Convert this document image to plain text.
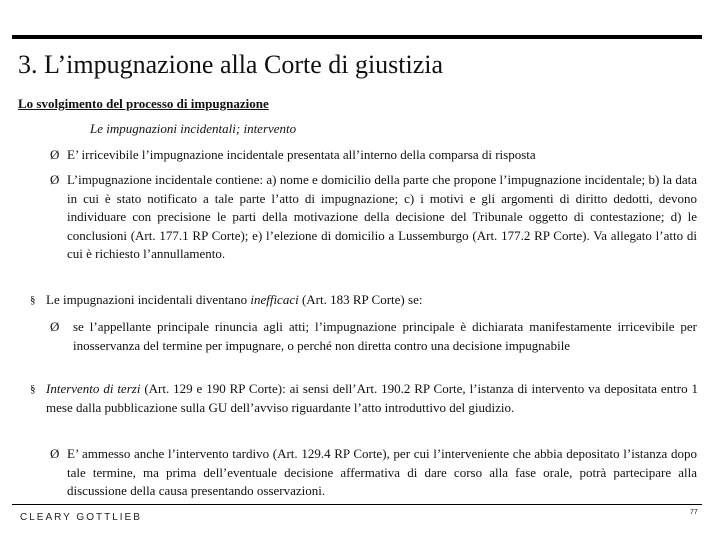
3. L’impugnazione alla Corte di giustizia
Lo svolgimento del processo di impugnazione
Le impugnazioni incidentali; intervento
Ø E’ irricevibile l’impugnazione incidentale presentata all’interno della comparsa di risposta
Ø L’impugnazione incidentale contiene: a) nome e domicilio della parte che propone l’impugnazione incidentale; b) la data in cui è stato notificato a tale parte l’atto di impugnazione; c) i motivi e gli argomenti di diritto dedotti, devono individuare con precisione le parti della motivazione della decisione del Tribunale oggetto di contestazione; d) le conclusioni (Art. 177.1 RP Corte); e) l’elezione di domicilio a Lussemburgo (Art. 177.2 RP Corte). Va allegato l’atto di cui è richiesto l’annullamento.
§ Le impugnazioni incidentali diventano inefficaci (Art. 183 RP Corte) se:
Ø se l’appellante principale rinuncia agli atti; l’impugnazione principale è dichiarata manifestamente irricevibile per inosservanza del termine per impugnare, o perché non diretta contro una decisione impugnabile
§ Intervento di terzi (Art. 129 e 190 RP Corte): ai sensi dell’Art. 190.2 RP Corte, l’istanza di intervento va depositata entro 1 mese dalla pubblicazione sulla GU dell’avviso riguardante l’atto introduttivo del giudizio.
Ø E’ ammesso anche l’intervento tardivo (Art. 129.4 RP Corte), per cui l’interveniente che abbia depositato l’istanza dopo tale termine, ma prima dell’eventuale decisione affermativa di dare corso alla fase orale, potrà partecipare alla discussione della causa presentando osservazioni.
CLEARY GOTTLIEB	77
